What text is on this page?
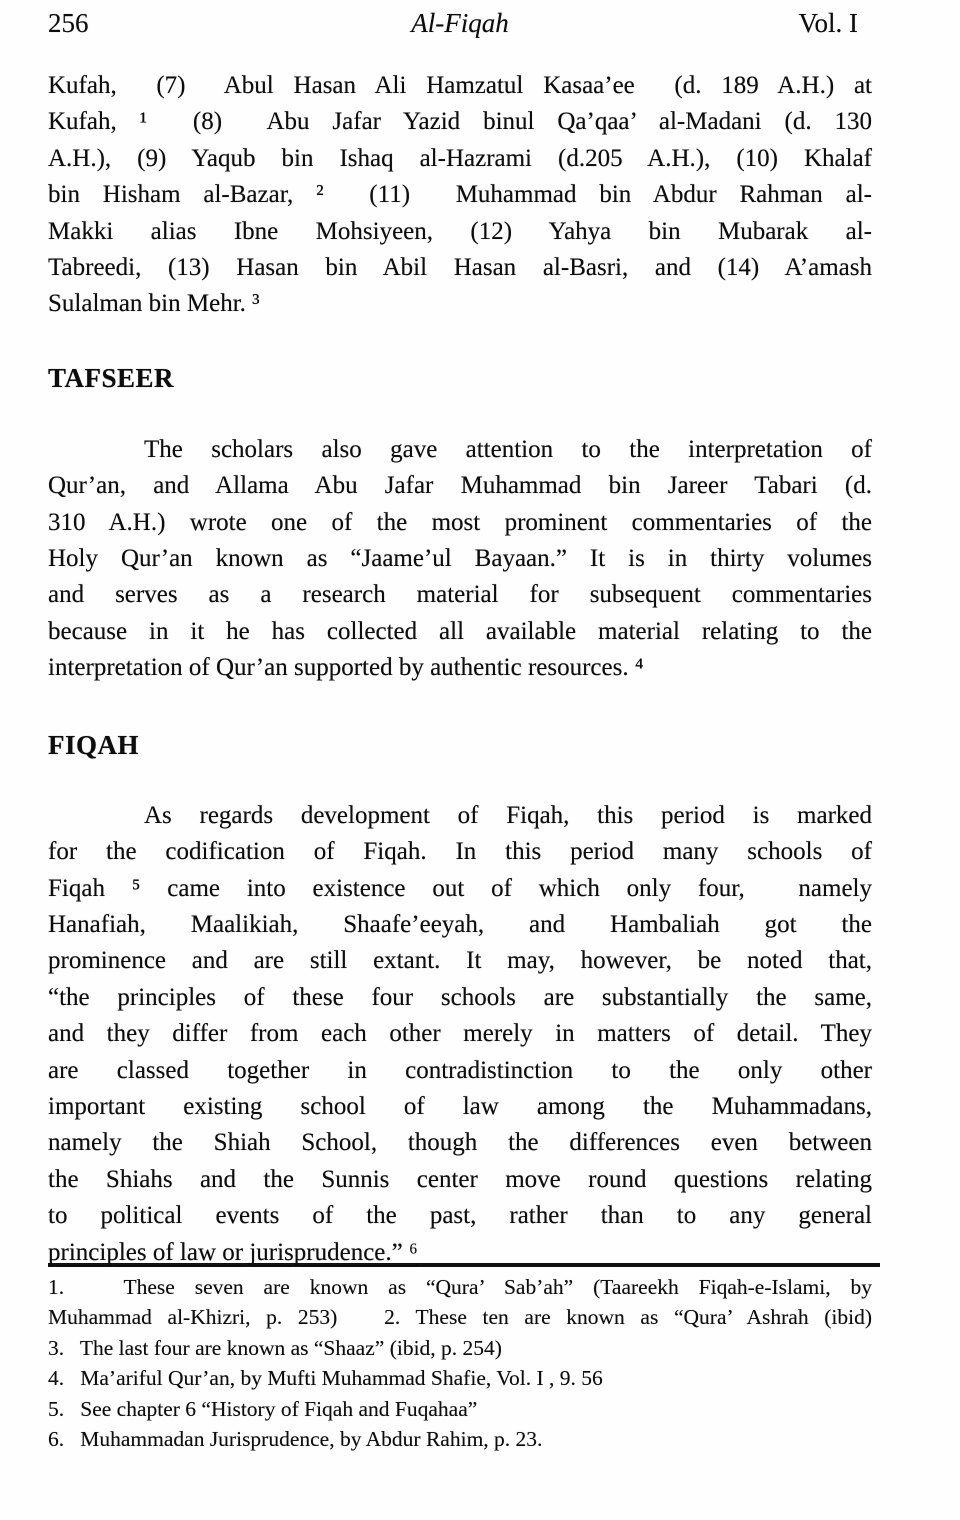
256	Al-Fiqah	Vol. I
Kufah,  (7)  Abul Hasan Ali Hamzatul Kasaa’ee  (d. 189 A.H.) at
Kufah, ¹  (8)  Abu Jafar Yazid binul Qa’qaa’ al-Madani (d. 130
A.H.), (9) Yaqub bin Ishaq al-Hazrami (d.205 A.H.), (10) Khalaf
bin Hisham al-Bazar, ²  (11)  Muhammad bin Abdur Rahman al-
Makki alias Ibne Mohsiyeen, (12) Yahya bin Mubarak al-
Tabreedi, (13) Hasan bin Abil Hasan al-Basri, and (14) A’amash
Sulalman bin Mehr. ³
TAFSEER
The scholars also gave attention to the interpretation of
Qur’an, and Allama Abu Jafar Muhammad bin Jareer Tabari (d.
310 A.H.) wrote one of the most prominent commentaries of the
Holy Qur’an known as “Jaame’ul Bayaan.” It is in thirty volumes
and serves as a research material for subsequent commentaries
because in it he has collected all available material relating to the
interpretation of Qur’an supported by authentic resources. ⁴
FIQAH
As regards development of Fiqah, this period is marked
for the codification of Fiqah. In this period many schools of
Fiqah ⁵ came into existence out of which only four,  namely
Hanafiah, Maalikiah, Shaafe’eeyah, and Hambaliah got the
prominence and are still extant. It may, however, be noted that,
“the principles of these four schools are substantially the same,
and they differ from each other merely in matters of detail. They
are classed together in contradistinction to the only other
important existing school of law among the Muhammadans,
namely the Shiah School, though the differences even between
the Shiahs and the Sunnis center move round questions relating
to political events of the past, rather than to any general
principles of law or jurisprudence.” ⁶
1.   These seven are known as “Qura’ Sab’ah” (Taareekh Fiqah-e-Islami, by
Muhammad al-Khizri, p. 253)   2. These ten are known as “Qura’ Ashrah (ibid)
3.   The last four are known as “Shaaz” (ibid, p. 254)
4.   Ma’ariful Qur’an, by Mufti Muhammad Shafie, Vol. I , 9. 56
5.   See chapter 6 “History of Fiqah and Fuqahaa”
6.   Muhammadan Jurisprudence, by Abdur Rahim, p. 23.
